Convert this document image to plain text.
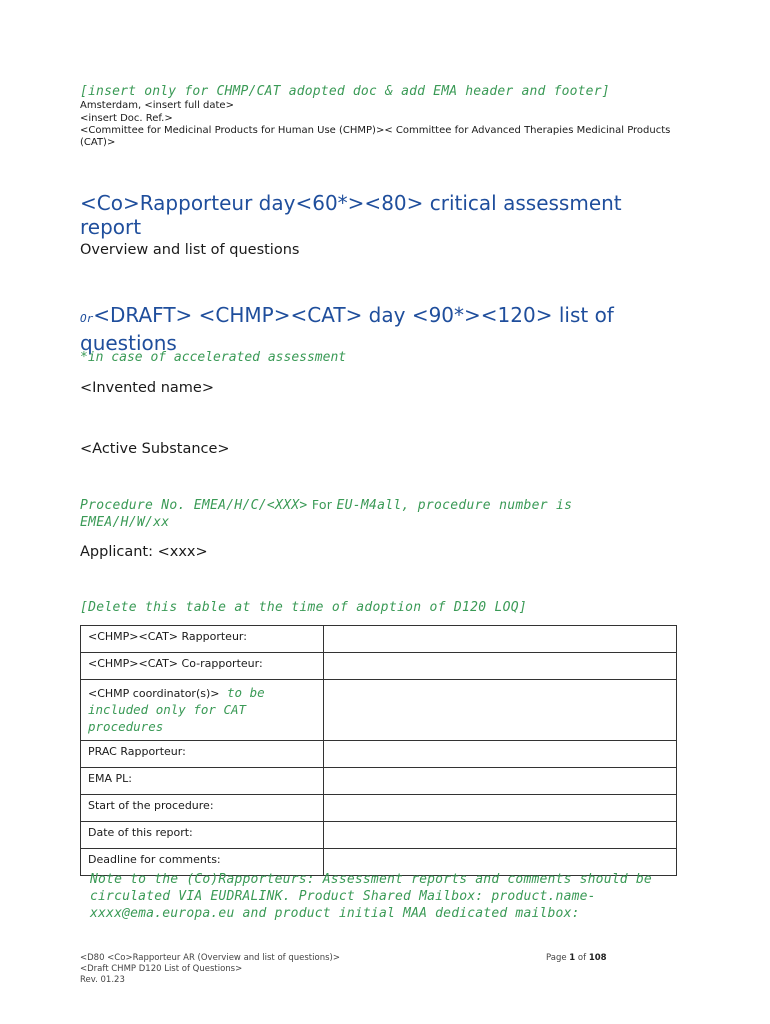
[insert only for CHMP/CAT adopted doc & add EMA header and footer]
Amsterdam, <insert full date>
<insert Doc. Ref.>
<Committee for Medicinal Products for Human Use (CHMP)>< Committee for Advanced Therapies Medicinal Products (CAT)>
<Co>Rapporteur day<60*><80> critical assessment report
Overview and list of questions
Or<DRAFT> <CHMP><CAT> day <90*><120> list of questions
*in case of accelerated assessment
<Invented name>
<Active Substance>
Procedure No. EMEA/H/C/<XXX> For EU-M4all, procedure number is EMEA/H/W/xx
Applicant: <xxx>
[Delete this table at the time of adoption of D120 LOQ]
<CHMP><CAT> Rapporteur:	
<CHMP><CAT> Co-rapporteur:	
<CHMP coordinator(s)> to be included only for CAT procedures	
PRAC Rapporteur:	
EMA PL:	
Start of the procedure:	
Date of this report:	
Deadline for comments:	
Note to the (Co)Rapporteurs: Assessment reports and comments should be circulated VIA EUDRALINK. Product Shared Mailbox: product.name-xxxx@ema.europa.eu and product initial MAA dedicated mailbox:
<D80 <Co>Rapporteur AR (Overview and list of questions)>
<Draft CHMP D120 List of Questions>
Rev. 01.23
Page 1 of 108
